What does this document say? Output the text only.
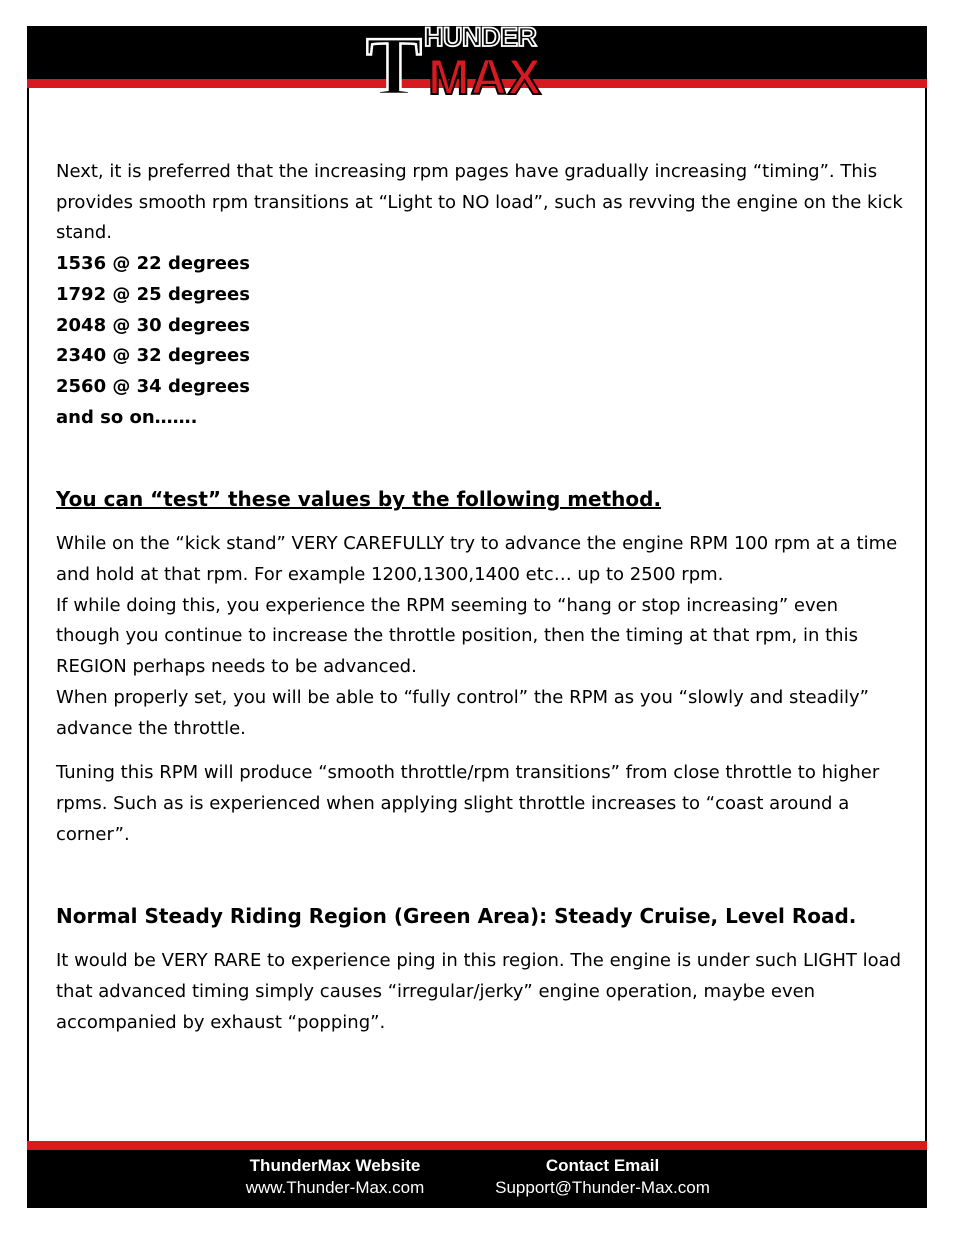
T HUNDER
MAX

Next, it is preferred that the increasing rpm pages have gradually increasing “timing”. This provides smooth rpm transitions at “Light to NO load”, such as revving the engine on the kick stand.

1536 @ 22 degrees

1792 @ 25 degrees

2048 @ 30 degrees

2340 @ 32 degrees

2560 @ 34 degrees

and so on…….

You can “test” these values by the following method.

While on the “kick stand” VERY CAREFULLY try to advance the engine RPM 100 rpm at a time and hold at that rpm. For example 1200,1300,1400 etc… up to 2500 rpm.

If while doing this, you experience the RPM seeming to “hang or stop increasing” even though you continue to increase the throttle position, then the timing at that rpm, in this REGION perhaps needs to be advanced.

When properly set, you will be able to “fully control” the RPM as you “slowly and steadily” advance the throttle.

Tuning this RPM will produce “smooth throttle/rpm transitions” from close throttle to higher rpms. Such as is experienced when applying slight throttle increases to “coast around a corner”.

Normal Steady Riding Region (Green Area): Steady Cruise, Level Road.

It would be VERY RARE to experience ping in this region. The engine is under such LIGHT load that advanced timing simply causes “irregular/jerky” engine operation, maybe even accompanied by exhaust “popping”.

ThunderMax Website
www.Thunder-Max.com
Contact Email
Support@Thunder-Max.com
